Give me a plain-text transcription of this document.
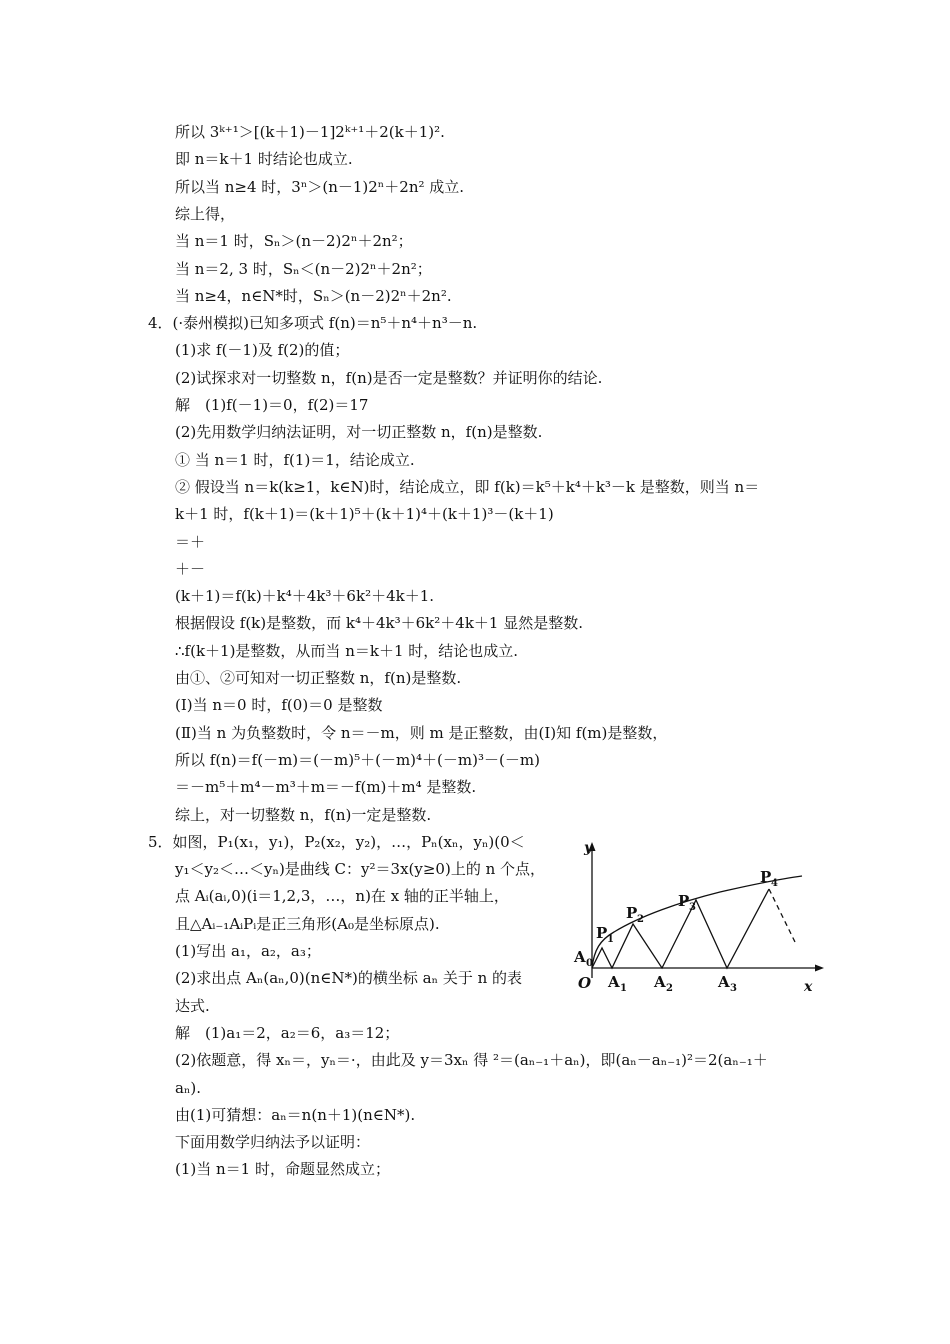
所以 3ᵏ⁺¹＞[(k＋1)－1]2ᵏ⁺¹＋2(k＋1)².
即 n＝k＋1 时结论也成立.
所以当 n≥4 时，3ⁿ＞(n－1)2ⁿ＋2n² 成立.
综上得，
当 n＝1 时，Sₙ＞(n－2)2ⁿ＋2n²；
当 n＝2, 3 时，Sₙ＜(n－2)2ⁿ＋2n²；
当 n≥4，n∈N*时，Sₙ＞(n－2)2ⁿ＋2n².
4．(·泰州模拟)已知多项式 f(n)＝n⁵＋n⁴＋n³－n.
(1)求 f(－1)及 f(2)的值；
(2)试探求对一切整数 n，f(n)是否一定是整数？并证明你的结论.
解　(1)f(－1)＝0，f(2)＝17
(2)先用数学归纳法证明，对一切正整数 n，f(n)是整数.
① 当 n＝1 时，f(1)＝1，结论成立.
② 假设当 n＝k(k≥1，k∈N)时，结论成立，即 f(k)＝k⁵＋k⁴＋k³－k 是整数，则当 n＝
k＋1 时，f(k＋1)＝(k＋1)⁵＋(k＋1)⁴＋(k＋1)³－(k＋1)
＝＋
＋－
(k＋1)＝f(k)＋k⁴＋4k³＋6k²＋4k＋1.
根据假设 f(k)是整数，而 k⁴＋4k³＋6k²＋4k＋1 显然是整数.
∴f(k＋1)是整数，从而当 n＝k＋1 时，结论也成立.
由①、②可知对一切正整数 n，f(n)是整数.
(Ⅰ)当 n＝0 时，f(0)＝0 是整数
(Ⅱ)当 n 为负整数时，令 n＝－m，则 m 是正整数，由(Ⅰ)知 f(m)是整数，
所以 f(n)＝f(－m)＝(－m)⁵＋(－m)⁴＋(－m)³－(－m)
＝－m⁵＋m⁴－m³＋m＝－f(m)＋m⁴ 是整数.
综上，对一切整数 n，f(n)一定是整数.
5．如图，P₁(x₁，y₁)，P₂(x₂，y₂)，…，Pₙ(xₙ，yₙ)(0＜
y₁＜y₂＜…＜yₙ)是曲线 C：y²＝3x(y≥0)上的 n 个点，
点 Aᵢ(aᵢ,0)(i＝1,2,3，…，n)在 x 轴的正半轴上，
且△Aᵢ₋₁AᵢPᵢ是正三角形(A₀是坐标原点).
(1)写出 a₁，a₂，a₃；
(2)求出点 Aₙ(aₙ,0)(n∈N*)的横坐标 aₙ 关于 n 的表
达式.
解　(1)a₁＝2，a₂＝6，a₃＝12；
(2)依题意，得 xₙ＝，yₙ＝·，由此及 y＝3xₙ 得 ²＝(aₙ₋₁＋aₙ)，即(aₙ－aₙ₋₁)²＝2(aₙ₋₁＋
aₙ).
由(1)可猜想：aₙ＝n(n＋1)(n∈N*).
下面用数学归纳法予以证明：
(1)当 n＝1 时，命题显然成立；
y
x
O
A 0
A 1 A 2	A 3
P 1
P 2
P 3
P 4
